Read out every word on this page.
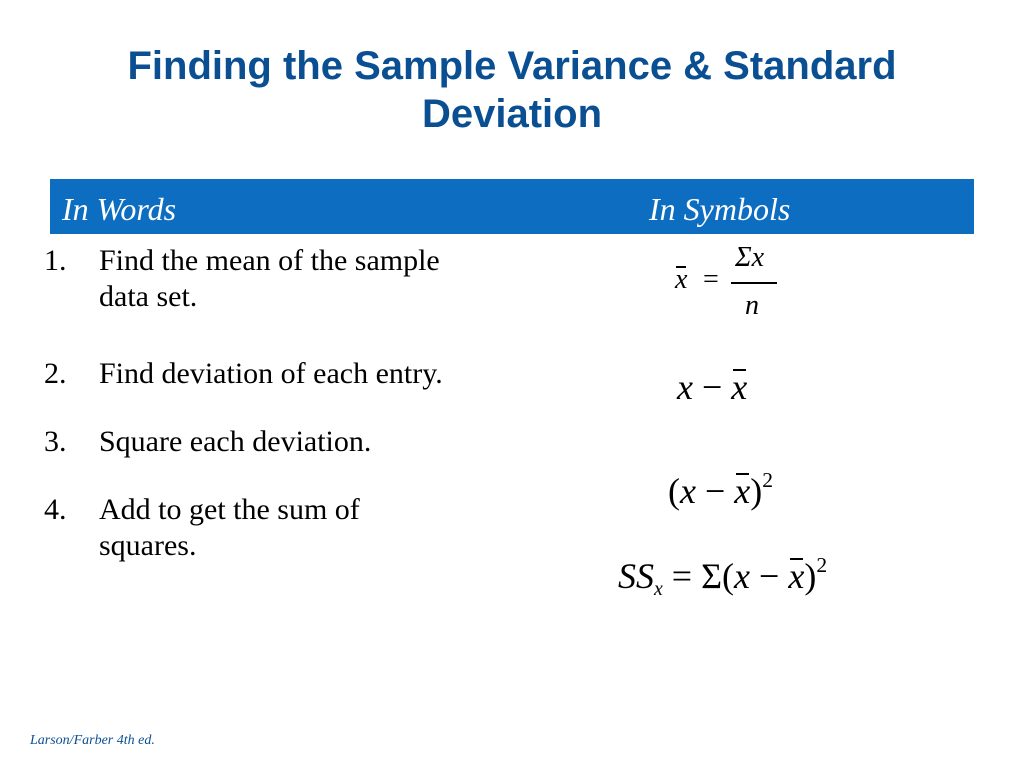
Finding the Sample Variance & Standard
Deviation
In Words	In Symbols
1. Find the mean of the sample
data set.
2. Find deviation of each entry.
3. Square each deviation.
4. Add to get the sum of
squares.
x =
Σx
n
x − x
$(x - x)^2$
SSx = $\Sigma(x - x)^2$
Larson/Farber 4th ed.
